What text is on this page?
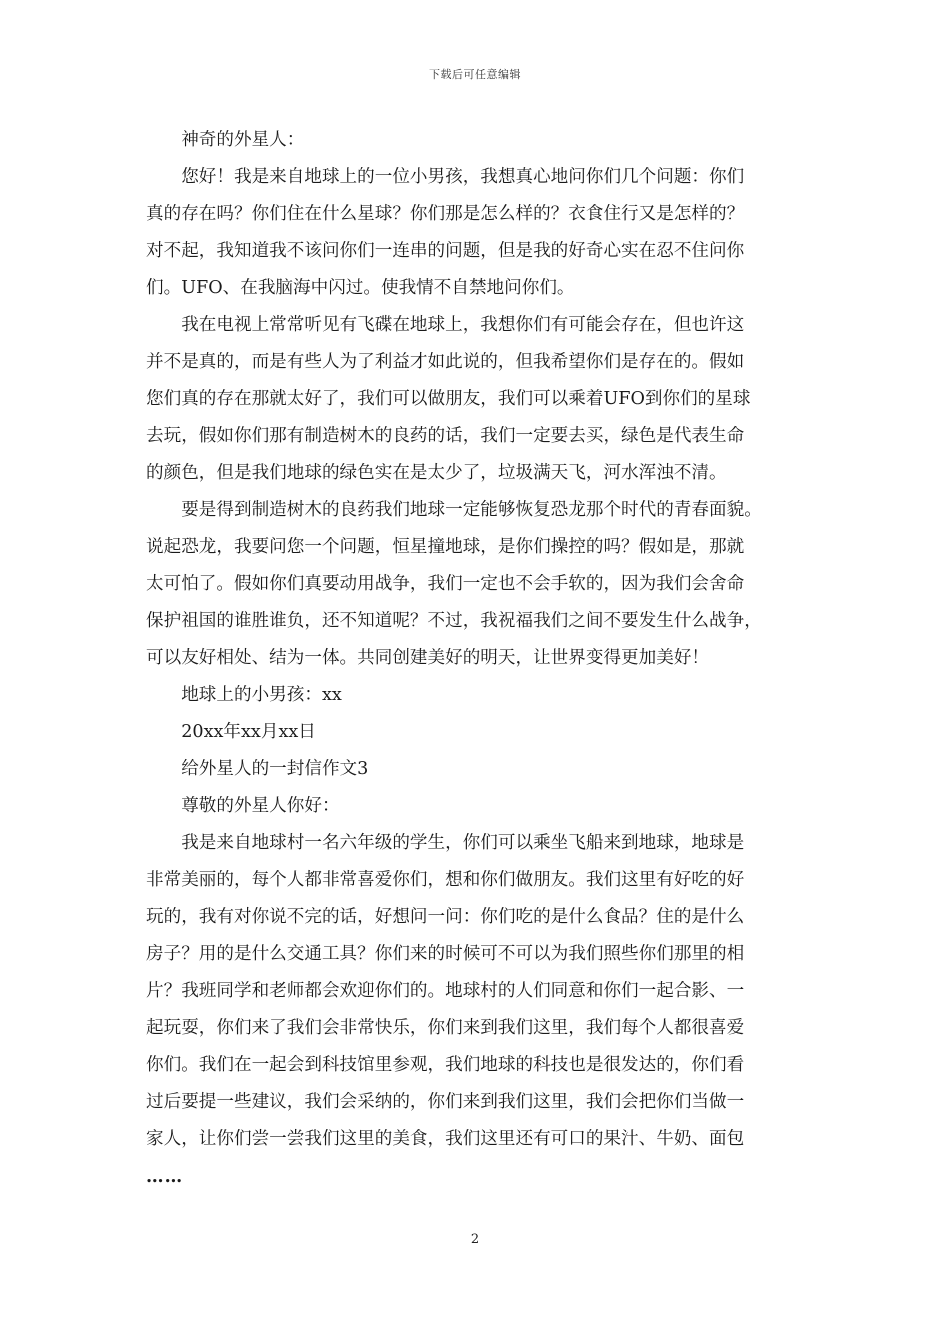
下载后可任意编辑

神奇的外星人：

您好！我是来自地球上的一位小男孩，我想真心地问你们几个问题：你们

真的存在吗？你们住在什么星球？你们那是怎么样的？衣食住行又是怎样的？

对不起，我知道我不该问你们一连串的问题，但是我的好奇心实在忍不住问你

们。UFO、在我脑海中闪过。使我情不自禁地问你们。

我在电视上常常听见有飞碟在地球上，我想你们有可能会存在，但也许这

并不是真的，而是有些人为了利益才如此说的，但我希望你们是存在的。假如

您们真的存在那就太好了，我们可以做朋友，我们可以乘着UFO到你们的星球

去玩，假如你们那有制造树木的良药的话，我们一定要去买，绿色是代表生命

的颜色，但是我们地球的绿色实在是太少了，垃圾满天飞，河水浑浊不清。

要是得到制造树木的良药我们地球一定能够恢复恐龙那个时代的青春面貌。

说起恐龙，我要问您一个问题，恒星撞地球，是你们操控的吗？假如是，那就

太可怕了。假如你们真要动用战争，我们一定也不会手软的，因为我们会舍命

保护祖国的谁胜谁负，还不知道呢？不过，我祝福我们之间不要发生什么战争，

可以友好相处、结为一体。共同创建美好的明天，让世界变得更加美好！

地球上的小男孩：xx

20xx年xx月xx日

给外星人的一封信作文3

尊敬的外星人你好：

我是来自地球村一名六年级的学生，你们可以乘坐飞船来到地球，地球是

非常美丽的，每个人都非常喜爱你们，想和你们做朋友。我们这里有好吃的好

玩的，我有对你说不完的话，好想问一问：你们吃的是什么食品？住的是什么

房子？用的是什么交通工具？你们来的时候可不可以为我们照些你们那里的相

片？我班同学和老师都会欢迎你们的。地球村的人们同意和你们一起合影、一

起玩耍，你们来了我们会非常快乐，你们来到我们这里，我们每个人都很喜爱

你们。我们在一起会到科技馆里参观，我们地球的科技也是很发达的，你们看

过后要提一些建议，我们会采纳的，你们来到我们这里，我们会把你们当做一

家人，让你们尝一尝我们这里的美食，我们这里还有可口的果汁、牛奶、面包

……

2
